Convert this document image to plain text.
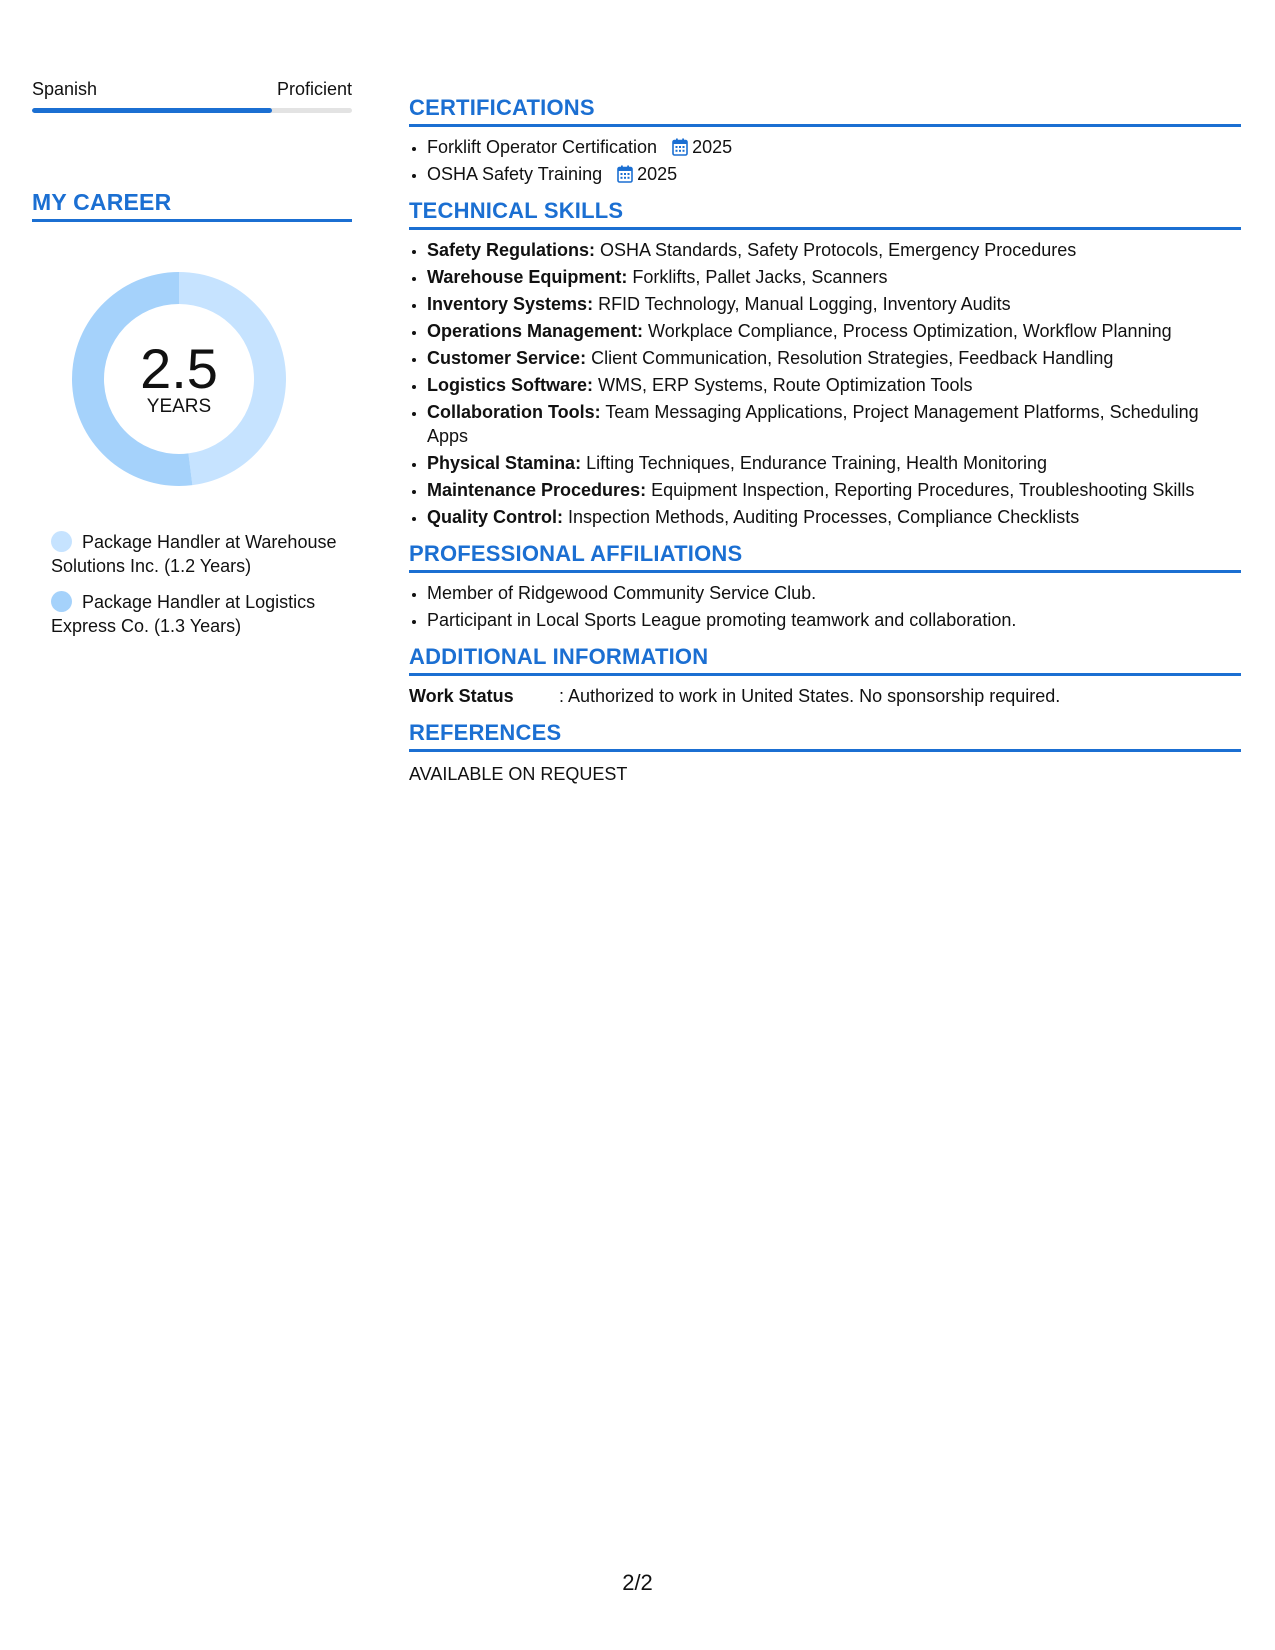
Spanish	Proficient
MY CAREER
2.5
YEARS
Package Handler at Warehouse Solutions Inc. (1.2 Years)
Package Handler at Logistics Express Co. (1.3 Years)
CERTIFICATIONS
• Forklift Operator Certification 2025
• OSHA Safety Training 2025
TECHNICAL SKILLS
• Safety Regulations: OSHA Standards, Safety Protocols, Emergency Procedures
• Warehouse Equipment: Forklifts, Pallet Jacks, Scanners
• Inventory Systems: RFID Technology, Manual Logging, Inventory Audits
• Operations Management: Workplace Compliance, Process Optimization, Workflow Planning
• Customer Service: Client Communication, Resolution Strategies, Feedback Handling
• Logistics Software: WMS, ERP Systems, Route Optimization Tools
• Collaboration Tools: Team Messaging Applications, Project Management Platforms, Scheduling Apps
• Physical Stamina: Lifting Techniques, Endurance Training, Health Monitoring
• Maintenance Procedures: Equipment Inspection, Reporting Procedures, Troubleshooting Skills
• Quality Control: Inspection Methods, Auditing Processes, Compliance Checklists
PROFESSIONAL AFFILIATIONS
• Member of Ridgewood Community Service Club.
• Participant in Local Sports League promoting teamwork and collaboration.
ADDITIONAL INFORMATION
Work Status	: Authorized to work in United States. No sponsorship required.
REFERENCES
AVAILABLE ON REQUEST
2/2
